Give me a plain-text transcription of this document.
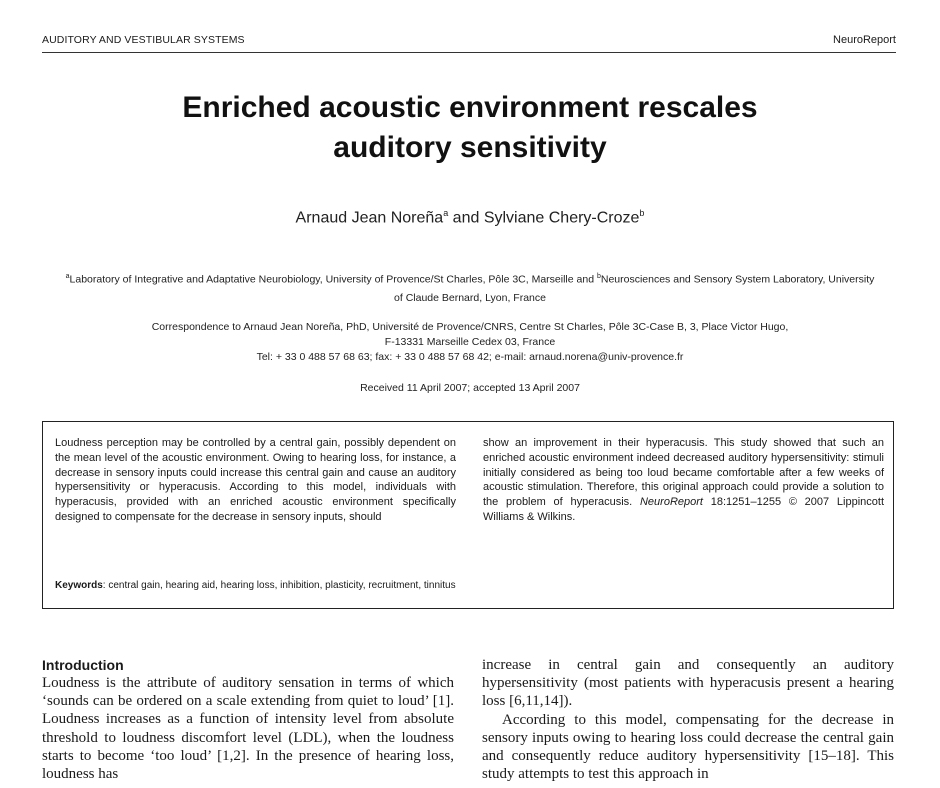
AUDITORY AND VESTIBULAR SYSTEMS	NeuroReport
Enriched acoustic environment rescales
auditory sensitivity
Arnaud Jean Noreña$^a$ and Sylviane Chery-Croze$^b$
$^a$Laboratory of Integrative and Adaptative Neurobiology, University of Provence/St Charles, Pôle 3C, Marseille and $^b$Neurosciences and Sensory System Laboratory, University of Claude Bernard, Lyon, France
Correspondence to Arnaud Jean Noreña, PhD, Université de Provence/CNRS, Centre St Charles, Pôle 3C-Case B, 3, Place Victor Hugo,
F-13331 Marseille Cedex 03, France
Tel: + 33 0 488 57 68 63; fax: + 33 0 488 57 68 42; e-mail: arnaud.norena@univ-provence.fr
Received 11 April 2007; accepted 13 April 2007
Loudness perception may be controlled by a central gain, possibly dependent on the mean level of the acoustic environment. Owing to hearing loss, for instance, a decrease in sensory inputs could increase this central gain and cause an auditory hypersensitivity or hyperacusis. According to this model, individuals with hyperacusis, provided with an enriched acoustic environment specifically designed to compensate for the decrease in sensory inputs, should
show an improvement in their hyperacusis. This study showed that such an enriched acoustic environment indeed decreased auditory hypersensitivity: stimuli initially considered as being too loud became comfortable after a few weeks of acoustic stimulation. Therefore, this original approach could provide a solution to the problem of hyperacusis. NeuroReport 18:1251–1255 © 2007 Lippincott Williams & Wilkins.
Keywords: central gain, hearing aid, hearing loss, inhibition, plasticity, recruitment, tinnitus
Introduction

Loudness is the attribute of auditory sensation in terms of which ‘sounds can be ordered on a scale extending from quiet to loud’ [1]. Loudness increases as a function of intensity level from absolute threshold to loudness discomfort level (LDL), when the loudness starts to become ‘too loud’ [1,2]. In the presence of hearing loss, loudness has

increase in central gain and consequently an auditory hypersensitivity (most patients with hyperacusis present a hearing loss [6,11,14]).

According to this model, compensating for the decrease in sensory inputs owing to hearing loss could decrease the central gain and consequently reduce auditory hypersensitivity [15–18]. This study attempts to test this approach in
